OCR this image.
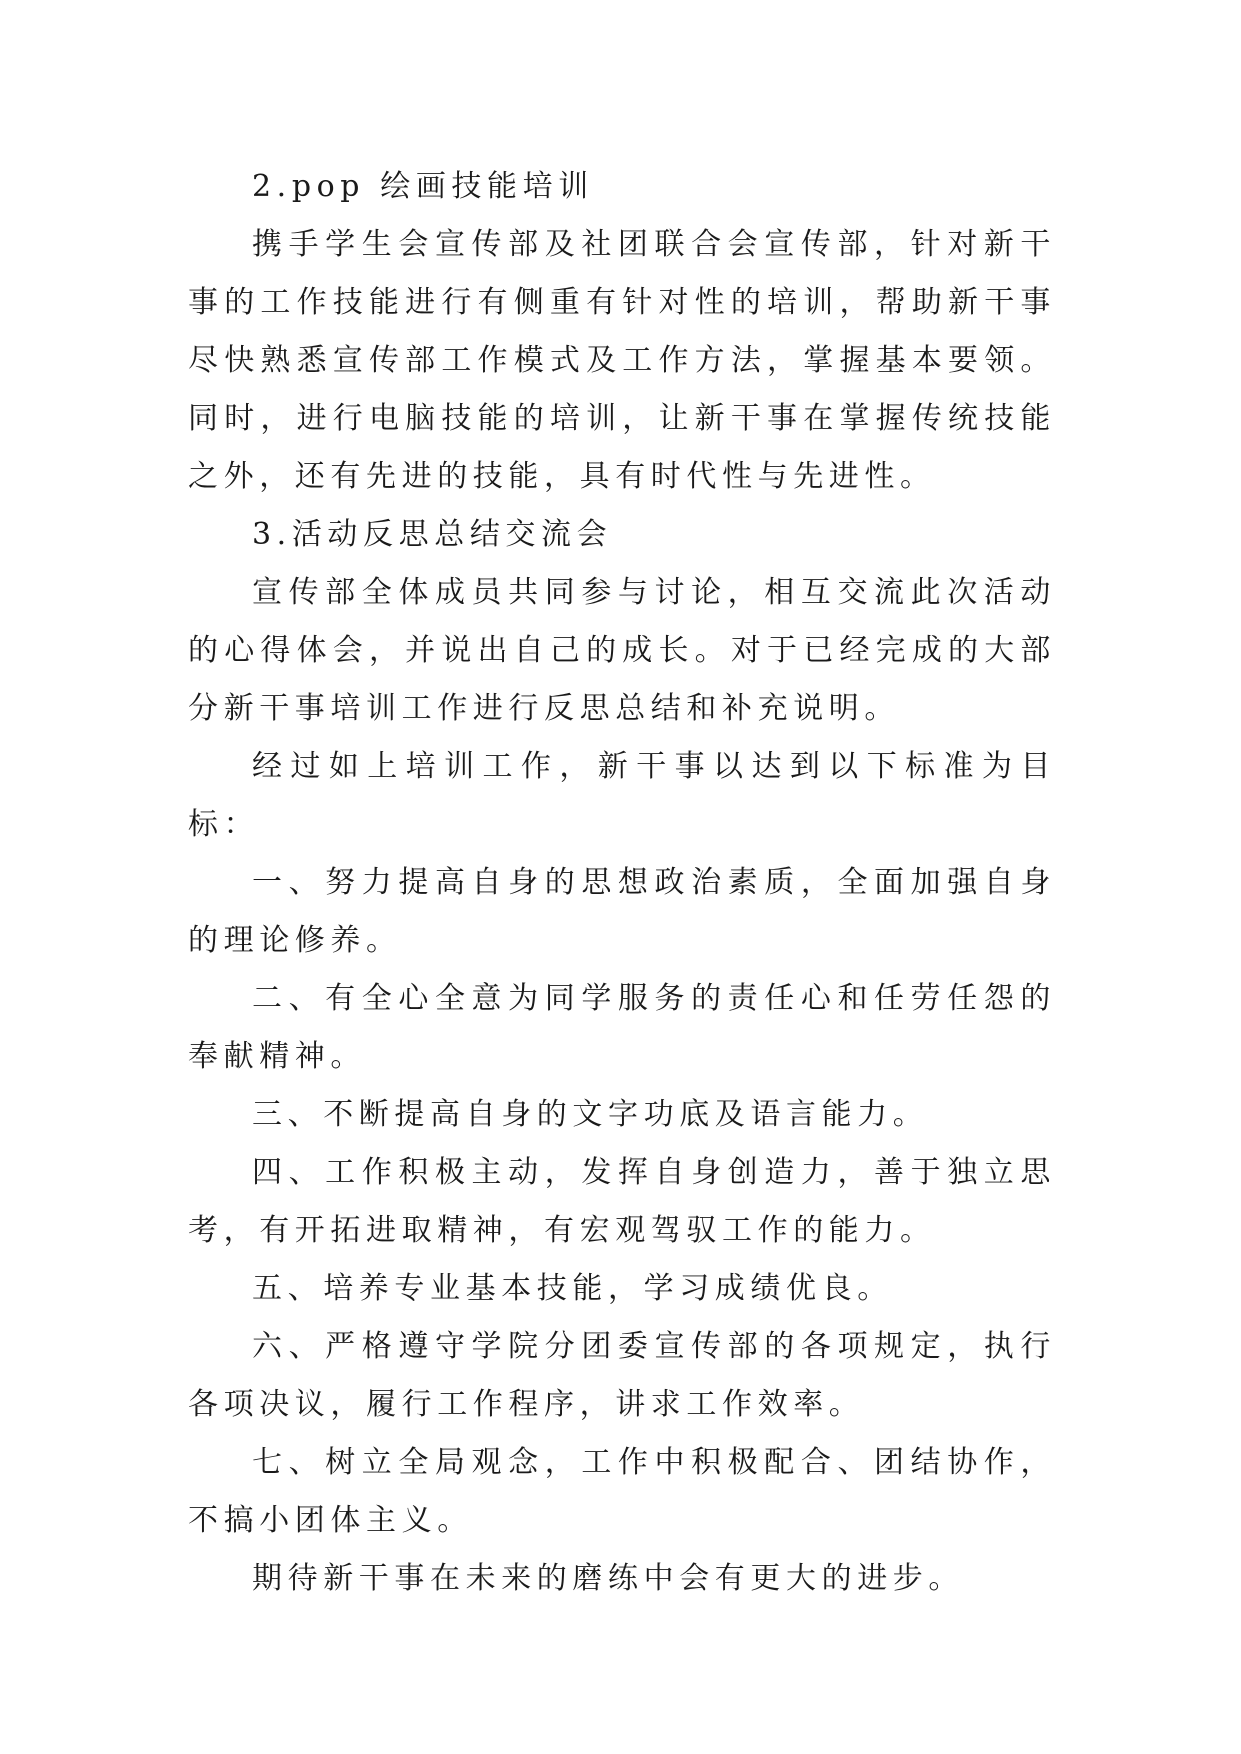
2.pop 绘画技能培训

携手学生会宣传部及社团联合会宣传部，针对新干事的工作技能进行有侧重有针对性的培训，帮助新干事尽快熟悉宣传部工作模式及工作方法，掌握基本要领。同时，进行电脑技能的培训，让新干事在掌握传统技能之外，还有先进的技能，具有时代性与先进性。

3.活动反思总结交流会

宣传部全体成员共同参与讨论，相互交流此次活动的心得体会，并说出自己的成长。对于已经完成的大部分新干事培训工作进行反思总结和补充说明。

经过如上培训工作，新干事以达到以下标准为目标：

一、努力提高自身的思想政治素质，全面加强自身的理论修养。

二、有全心全意为同学服务的责任心和任劳任怨的奉献精神。

三、不断提高自身的文字功底及语言能力。

四、工作积极主动，发挥自身创造力，善于独立思考，有开拓进取精神，有宏观驾驭工作的能力。

五、培养专业基本技能，学习成绩优良。

六、严格遵守学院分团委宣传部的各项规定，执行各项决议，履行工作程序，讲求工作效率。

七、树立全局观念，工作中积极配合、团结协作，不搞小团体主义。

期待新干事在未来的磨练中会有更大的进步。
